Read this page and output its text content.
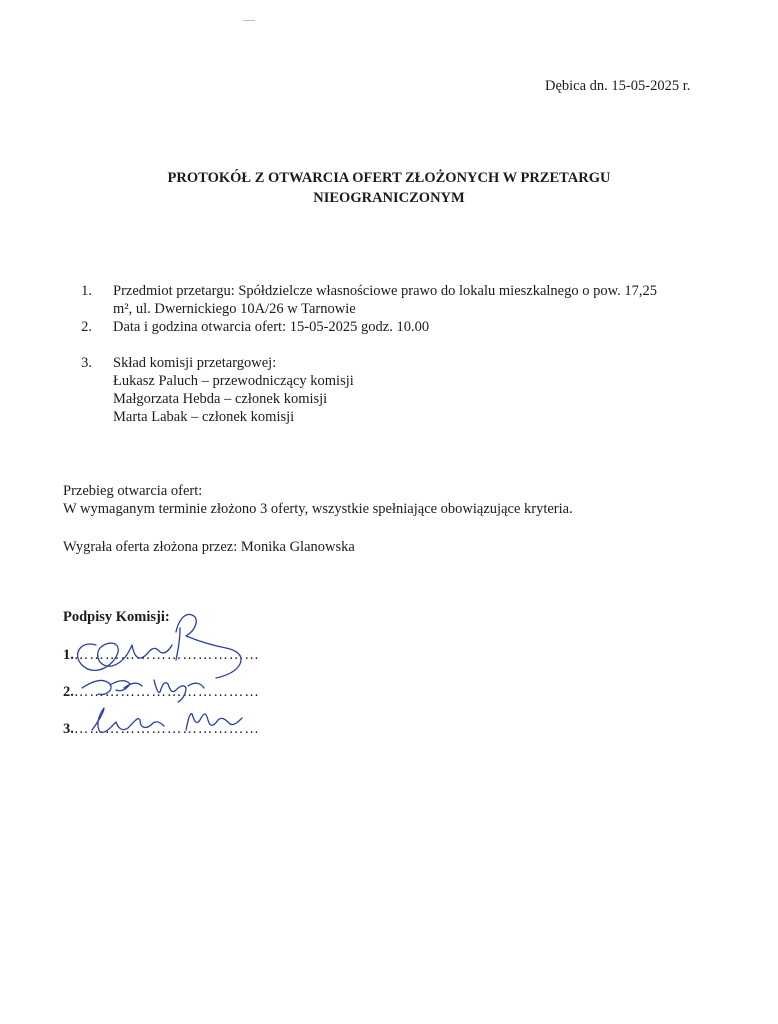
Dębica dn. 15-05-2025 r.
PROTOKÓŁ Z OTWARCIA OFERT ZŁOŻONYCH W PRZETARGU
NIEOGRANICZONYM
1. Przedmiot przetargu: Spółdzielcze własnościowe prawo do lokalu mieszkalnego o pow. 17,25
m², ul. Dwernickiego 10A/26 w Tarnowie
2. Data i godzina otwarcia ofert: 15-05-2025 godz. 10.00
3. Skład komisji przetargowej:
Łukasz Paluch – przewodniczący komisji
Małgorzata Hebda – członek komisji
Marta Labak – członek komisji
Przebieg otwarcia ofert:
W wymaganym terminie złożono 3 oferty, wszystkie spełniające obowiązujące kryteria.
Wygrała oferta złożona przez: Monika Glanowska
Podpisy Komisji:
1.………………………………
2.………………………………
3.………………………………
